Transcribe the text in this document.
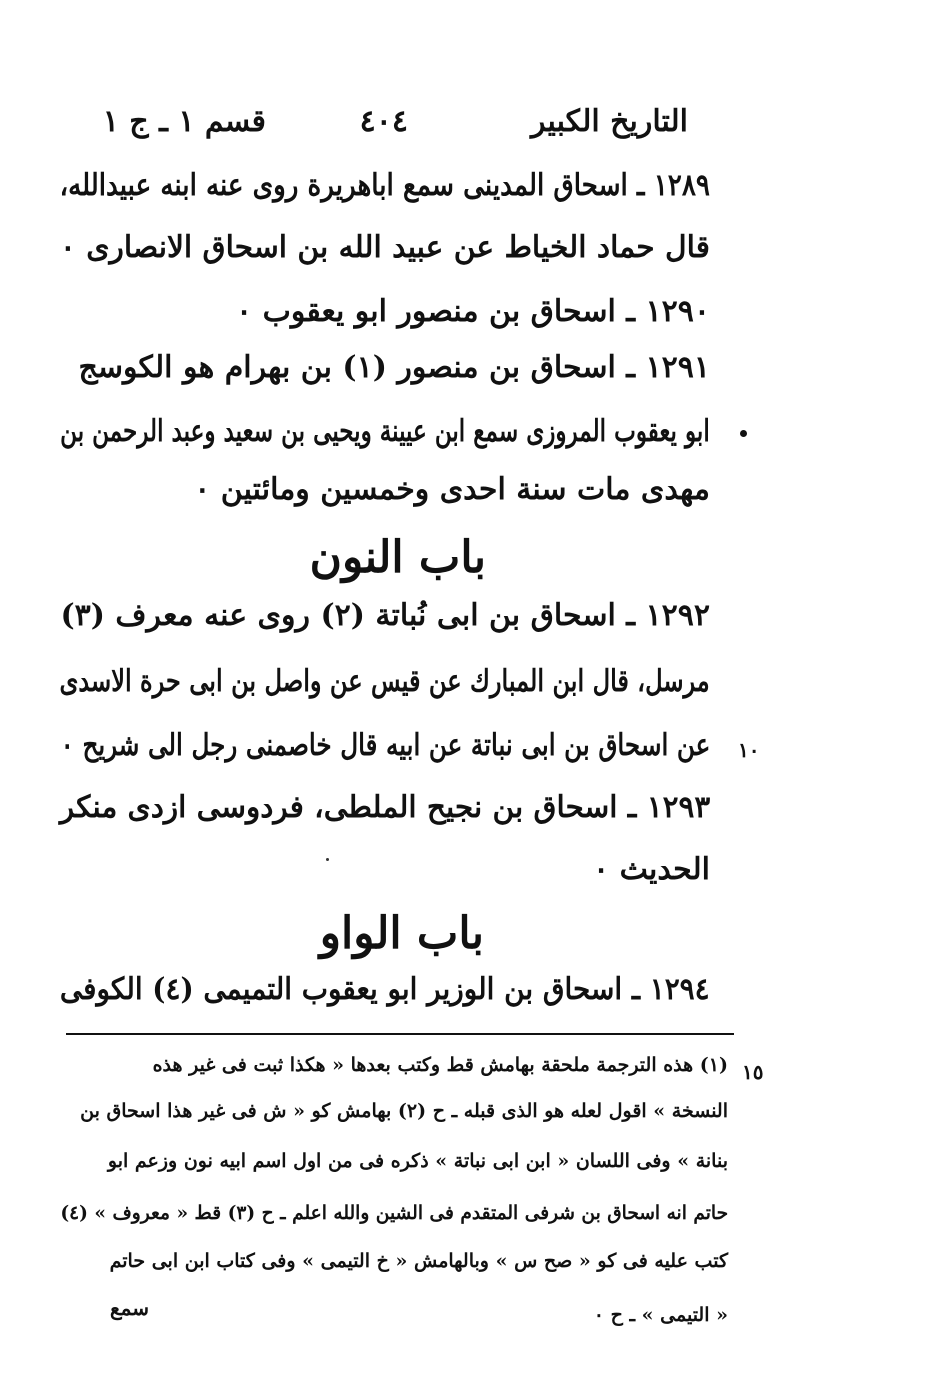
التاريخ الكبير
٤٠٤
قسم ١ ـ ج ١
١٢٨٩ ـ اسحاق المدينى سمع اباهريرة روى عنه ابنه عبيدالله،
قال حماد الخياط عن عبيد الله بن اسحاق الانصارى ٠
١٢٩٠ ـ اسحاق بن منصور ابو يعقوب ٠
١٢٩١ ـ اسحاق بن منصور (١) بن بهرام هو الكوسج
ابو يعقوب المروزى سمع ابن عيينة ويحيى بن سعيد وعبد الرحمن بن
مهدى مات سنة احدى وخمسين ومائتين ٠
باب النون
١٢٩٢ ـ اسحاق بن ابى نُباتة (٢) روى عنه معرف (٣)
مرسل، قال ابن المبارك عن قيس عن واصل بن ابى حرة الاسدى
عن اسحاق بن ابى نباتة عن ابيه قال خاصمنى رجل الى شريح ٠ ١٠
١٢٩٣ ـ اسحاق بن نجيح الملطى، فردوسى ازدى منكر
الحديث ٠
باب الواو
١٢٩٤ ـ اسحاق بن الوزير ابو يعقوب التميمى (٤) الكوفى
١٥
(١) هذه الترجمة ملحقة بهامش قط وكتب بعدها « هكذا ثبت فى غير هذه
النسخة » اقول لعله هو الذى قبله ـ ح (٢) بهامش كو « ش فى غير هذا اسحاق بن
بنانة » وفى اللسان « ابن ابى نباتة » ذكره فى من اول اسم ابيه نون وزعم ابو
حاتم انه اسحاق بن شرفى المتقدم فى الشين والله اعلم ـ ح (٣) قط « معروف » (٤)
كتب عليه فى كو « صح س » وبالهامش « خ التيمى » وفى كتاب ابن ابى حاتم
« التيمى » ـ ح ٠
سمع
